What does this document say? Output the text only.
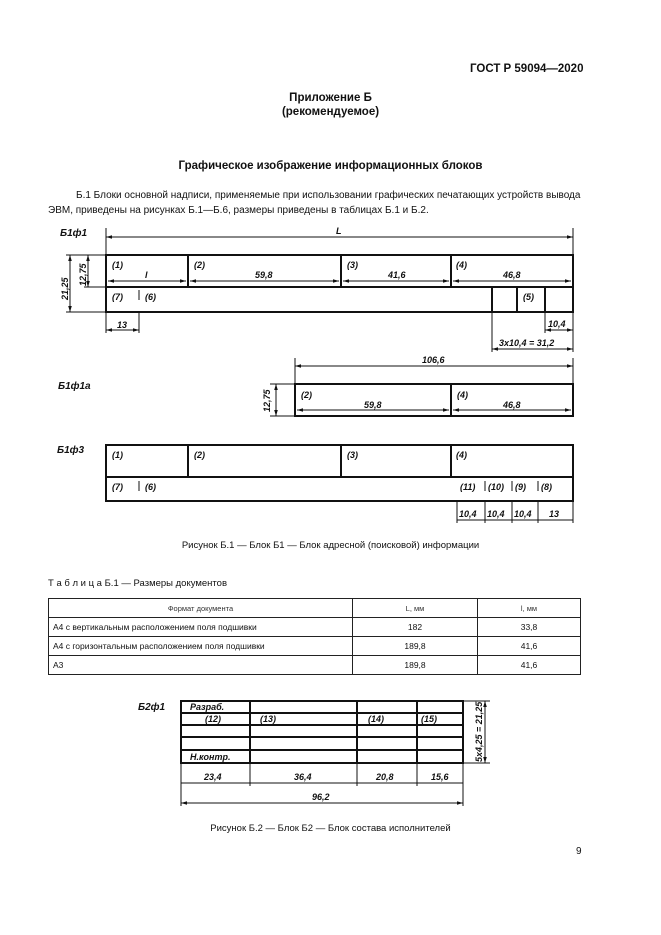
ГОСТ Р 59094—2020
Приложение Б
(рекомендуемое)
Графическое изображение информационных блоков
Б.1 Блоки основной надписи, применяемые при использовании графических печатающих устройств вывода
ЭВМ, приведены на рисунках Б.1—Б.6, размеры приведены в таблицах Б.1 и Б.2.
(1)	(2)	(3)	(4)
l	59,8	41,6	46,8
(7) (6)	(5)
L
13	10,4
3х10,4 = 31,2
21,25
12,75
Б1ф1
(2)	(4)
59,8	46,8
106,6
12,75
Б1ф1а
(1)	(2)	(3)	(4)
(7) (6)	(11) (10) (9) (8)
10,4 10,4 10,4 13
Б1ф3
Рисунок Б.1 — Блок Б1 — Блок адресной (поисковой) информации
Т а б л и ц а Б.1 — Размеры документов
Формат документа	L, мм	l, мм
А4 с вертикальным расположением поля подшивки	182	33,8
А4 с горизонтальным расположением поля подшивки	189,8	41,6
А3	189,8	41,6
Б2ф1	Разраб.
(12)	(13)	(14)	(15)
Н.контр.
23,4	36,4	20,8	15,6
96,2
5х4,25 = 21,25
Рисунок Б.2 — Блок Б2 — Блок состава исполнителей
9
